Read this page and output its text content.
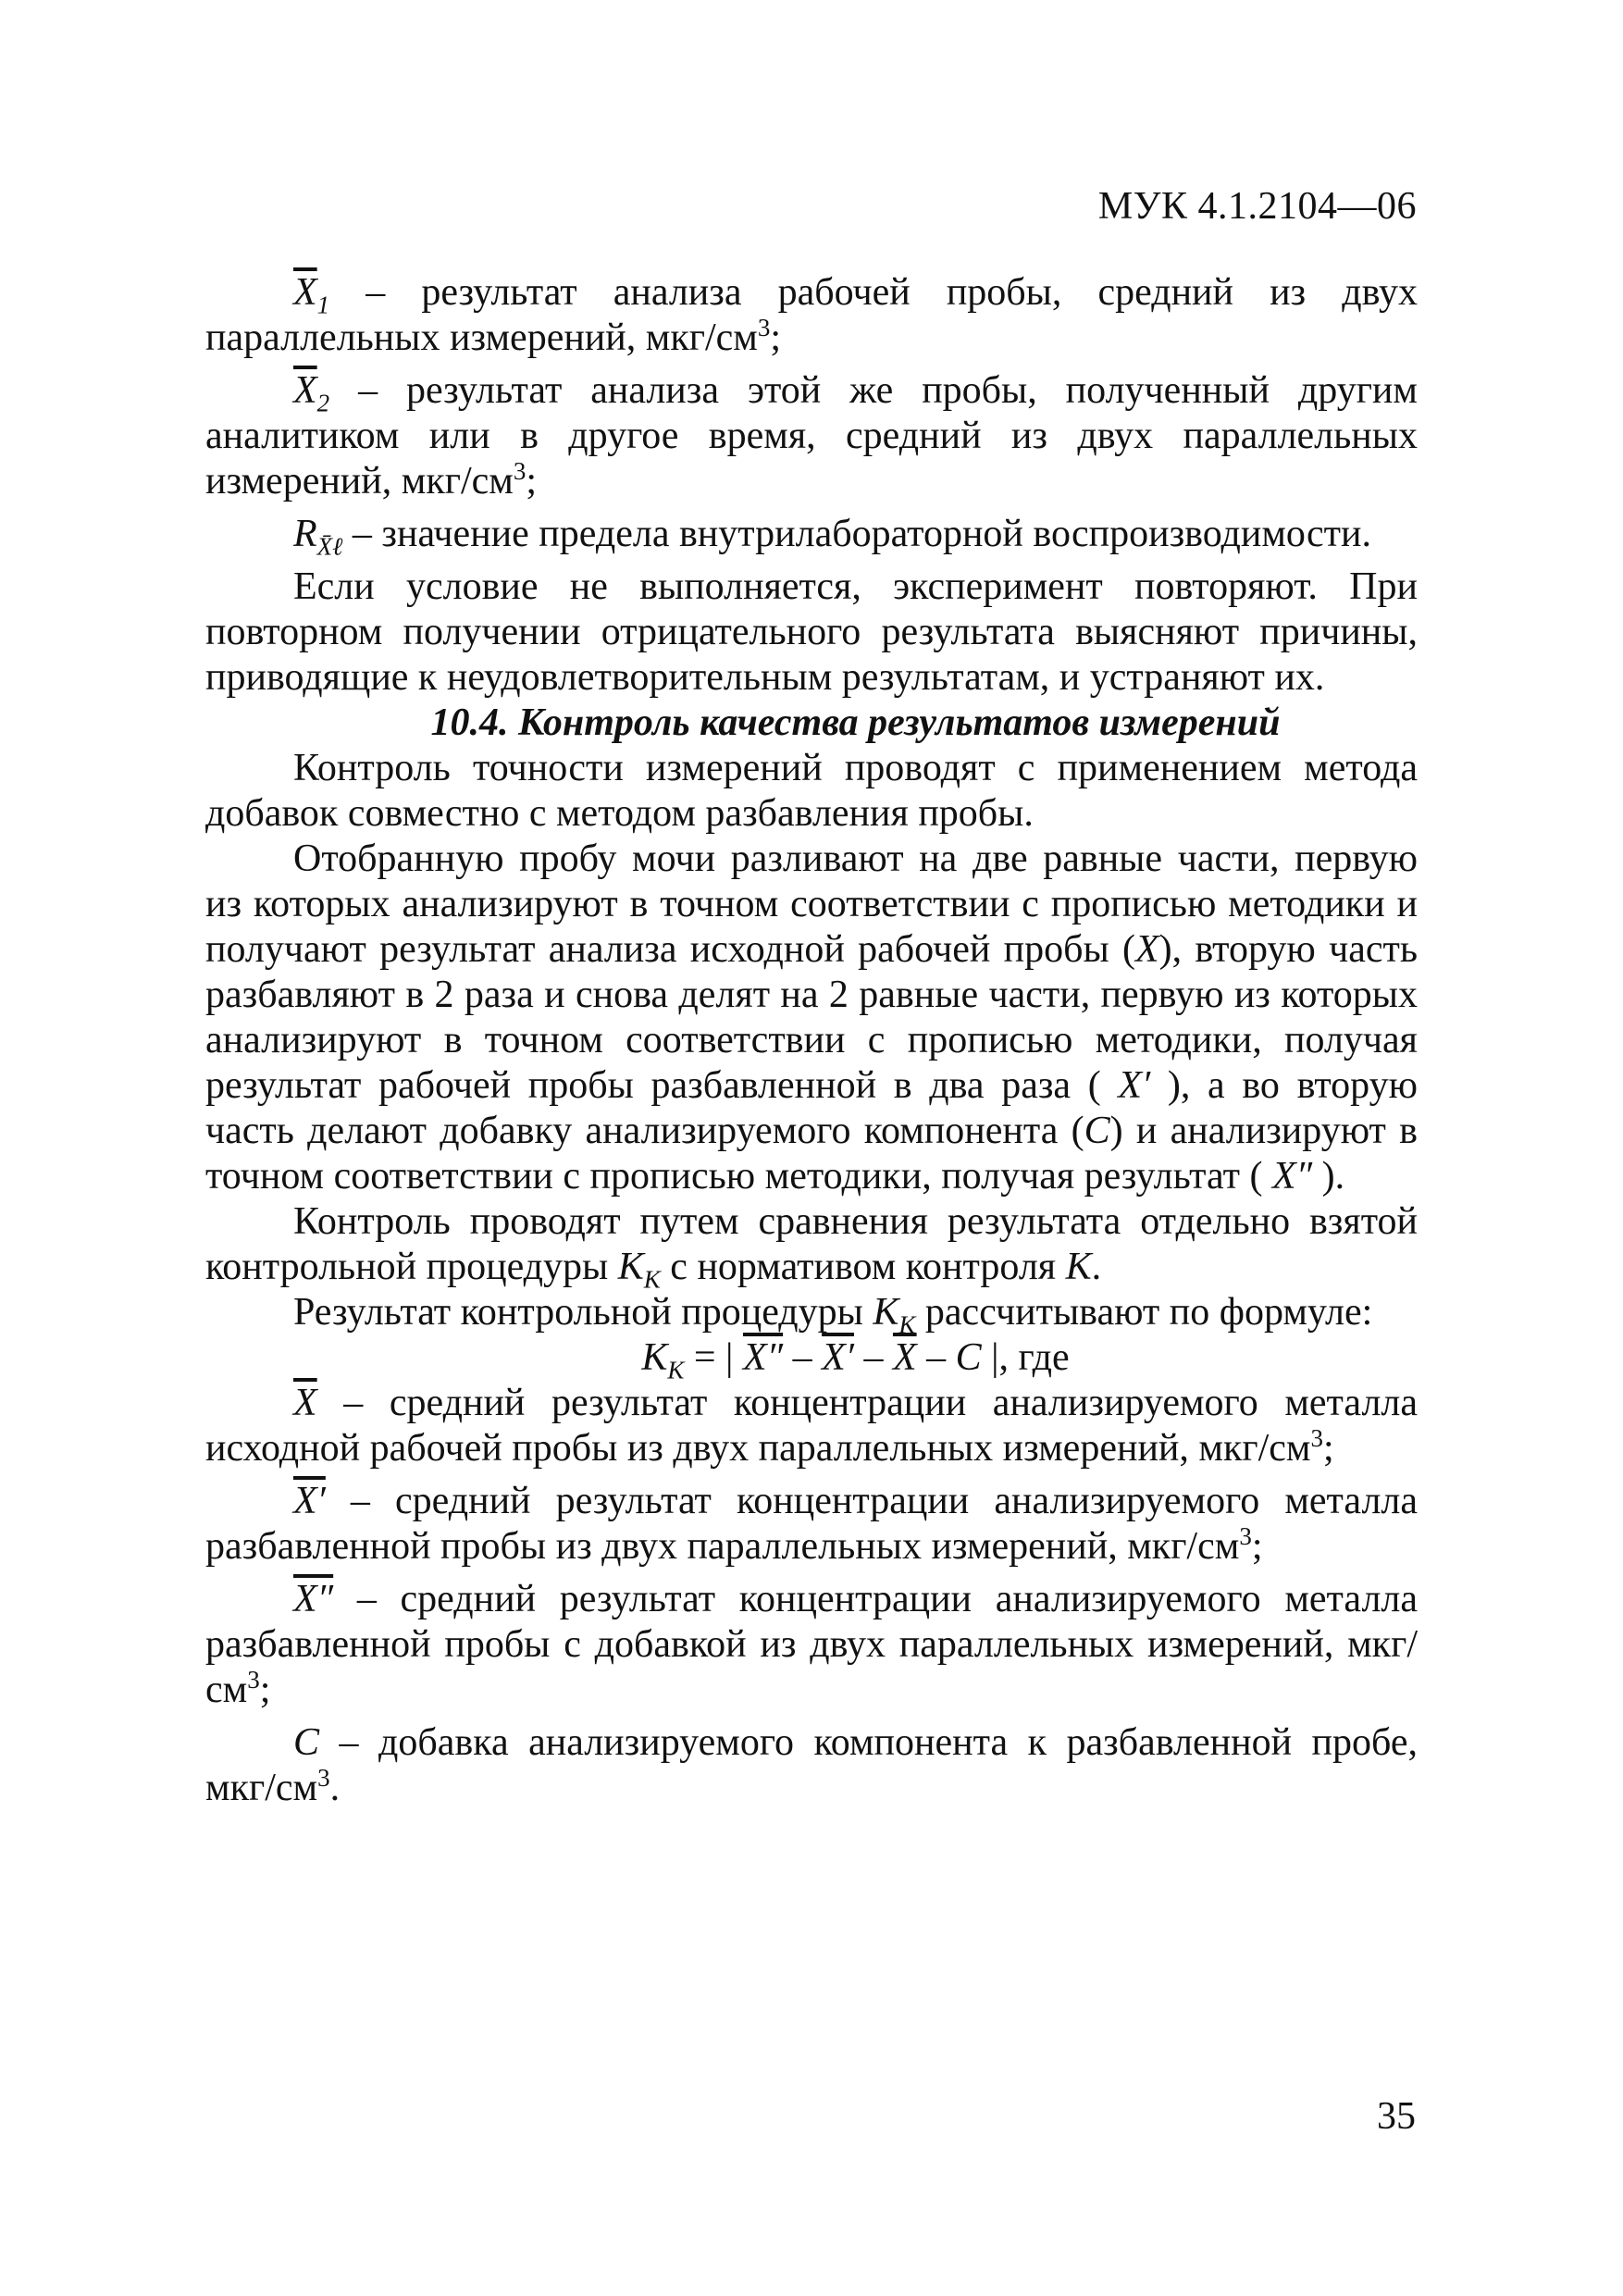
МУК 4.1.2104—06

$\overline{X}_1$ – результат анализа рабочей пробы, средний из двух параллельных измерений, мкг/$см^3$;

$\overline{X}_2$ – результат анализа этой же пробы, полученный другим аналитиком или в другое время, средний из двух параллельных измерений, мкг/$см^3$;

$R_{X̄\ell}$ – значение предела внутрилабораторной воспроизводимости.

Если условие не выполняется, эксперимент повторяют. При повторном получении отрицательного результата выясняют причины, приводящие к неудовлетворительным результатам, и устраняют их.

10.4. Контроль качества результатов измерений

Контроль точности измерений проводят с применением метода добавок совместно с методом разбавления пробы.

Отобранную пробу мочи разливают на две равные части, первую из которых анализируют в точном соответствии с прописью методики и получают результат анализа исходной рабочей пробы (X), вторую часть разбавляют в 2 раза и снова делят на 2 равные части, первую из которых анализируют в точном соответствии с прописью методики, получая результат рабочей пробы разбавленной в два раза ( X′ ), а во вторую часть делают добавку анализируемого компонента (C) и анализируют в точном соответствии с прописью методики, получая результат ( X″ ).

Контроль проводят путем сравнения результата отдельно взятой контрольной процедуры $K_K$ с нормативом контроля K.

Результат контрольной процедуры $K_K$ рассчитывают по формуле:

$K_K$ = | $X'' - X' - \overline{X}$ – C |, где

$\overline{X}$ – средний результат концентрации анализируемого металла исходной рабочей пробы из двух параллельных измерений, мкг/$см^3$;

X′ – средний результат концентрации анализируемого металла разбавленной пробы из двух параллельных измерений, мкг/$см^3$;

X″ – средний результат концентрации анализируемого металла разбавленной пробы с добавкой из двух параллельных измерений, мкг/$см^3$;

C – добавка анализируемого компонента к разбавленной пробе, мкг/$см^3$.

35
